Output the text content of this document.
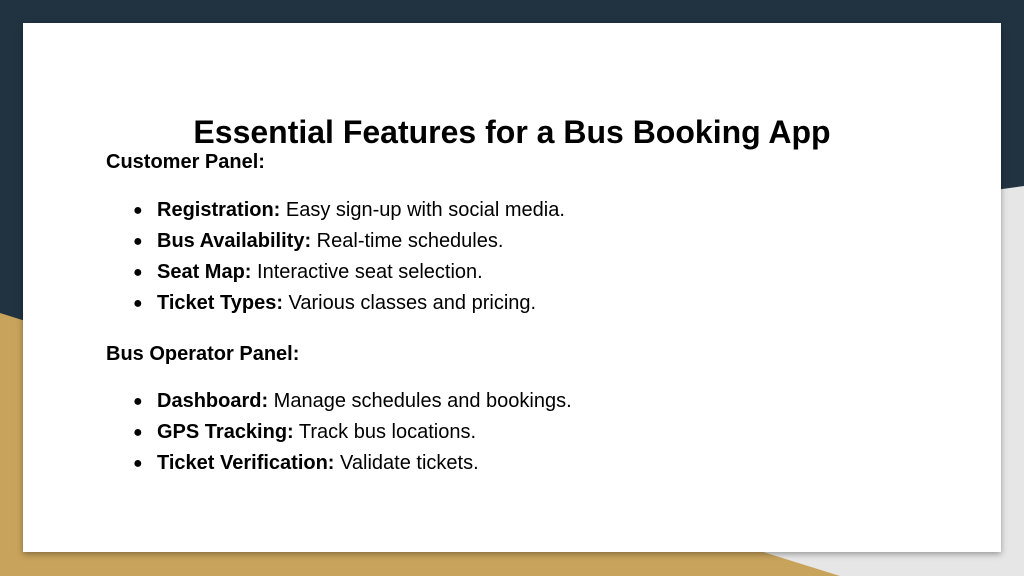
Essential Features for a Bus Booking App
Customer Panel:
● Registration: Easy sign-up with social media.
● Bus Availability: Real-time schedules.
● Seat Map: Interactive seat selection.
● Ticket Types: Various classes and pricing.
Bus Operator Panel:
● Dashboard: Manage schedules and bookings.
● GPS Tracking: Track bus locations.
● Ticket Verification: Validate tickets.
